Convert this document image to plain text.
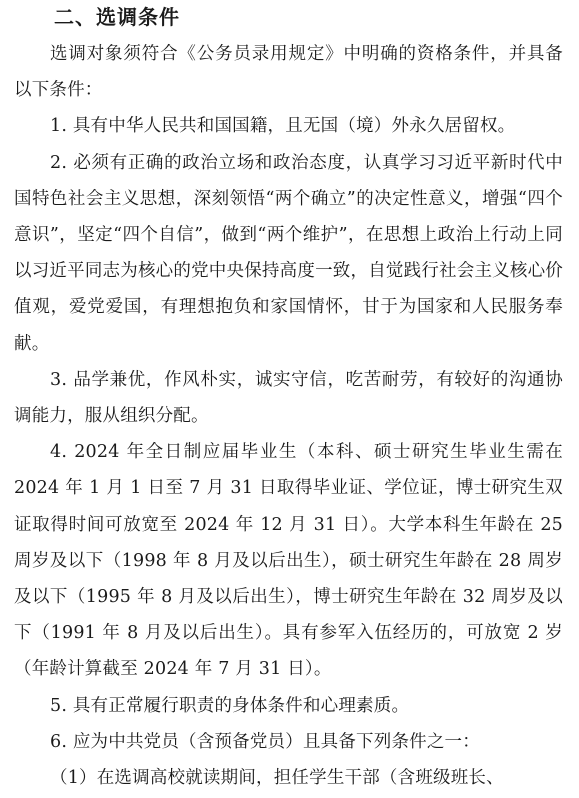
二、选调条件

选调对象须符合《公务员录用规定》中明确的资格条件，并具备以下条件：

1. 具有中华人民共和国国籍，且无国（境）外永久居留权。

2. 必须有正确的政治立场和政治态度，认真学习习近平新时代中国特色社会主义思想，深刻领悟“两个确立”的决定性意义，增强“四个意识”，坚定“四个自信”，做到“两个维护”，在思想上政治上行动上同以习近平同志为核心的党中央保持高度一致，自觉践行社会主义核心价值观，爱党爱国，有理想抱负和家国情怀，甘于为国家和人民服务奉献。

3. 品学兼优，作风朴实，诚实守信，吃苦耐劳，有较好的沟通协调能力，服从组织分配。

4. 2024 年全日制应届毕业生（本科、硕士研究生毕业生需在 2024 年 1 月 1 日至 7 月 31 日取得毕业证、学位证，博士研究生双证取得时间可放宽至 2024 年 12 月 31 日）。大学本科生年龄在 25 周岁及以下（1998 年 8 月及以后出生），硕士研究生年龄在 28 周岁及以下（1995 年 8 月及以后出生），博士研究生年龄在 32 周岁及以下（1991 年 8 月及以后出生）。具有参军入伍经历的，可放宽 2 岁（年龄计算截至 2024 年 7 月 31 日）。

5. 具有正常履行职责的身体条件和心理素质。

6. 应为中共党员（含预备党员）且具备下列条件之一：

（1）在选调高校就读期间，担任学生干部（含班级班长、
